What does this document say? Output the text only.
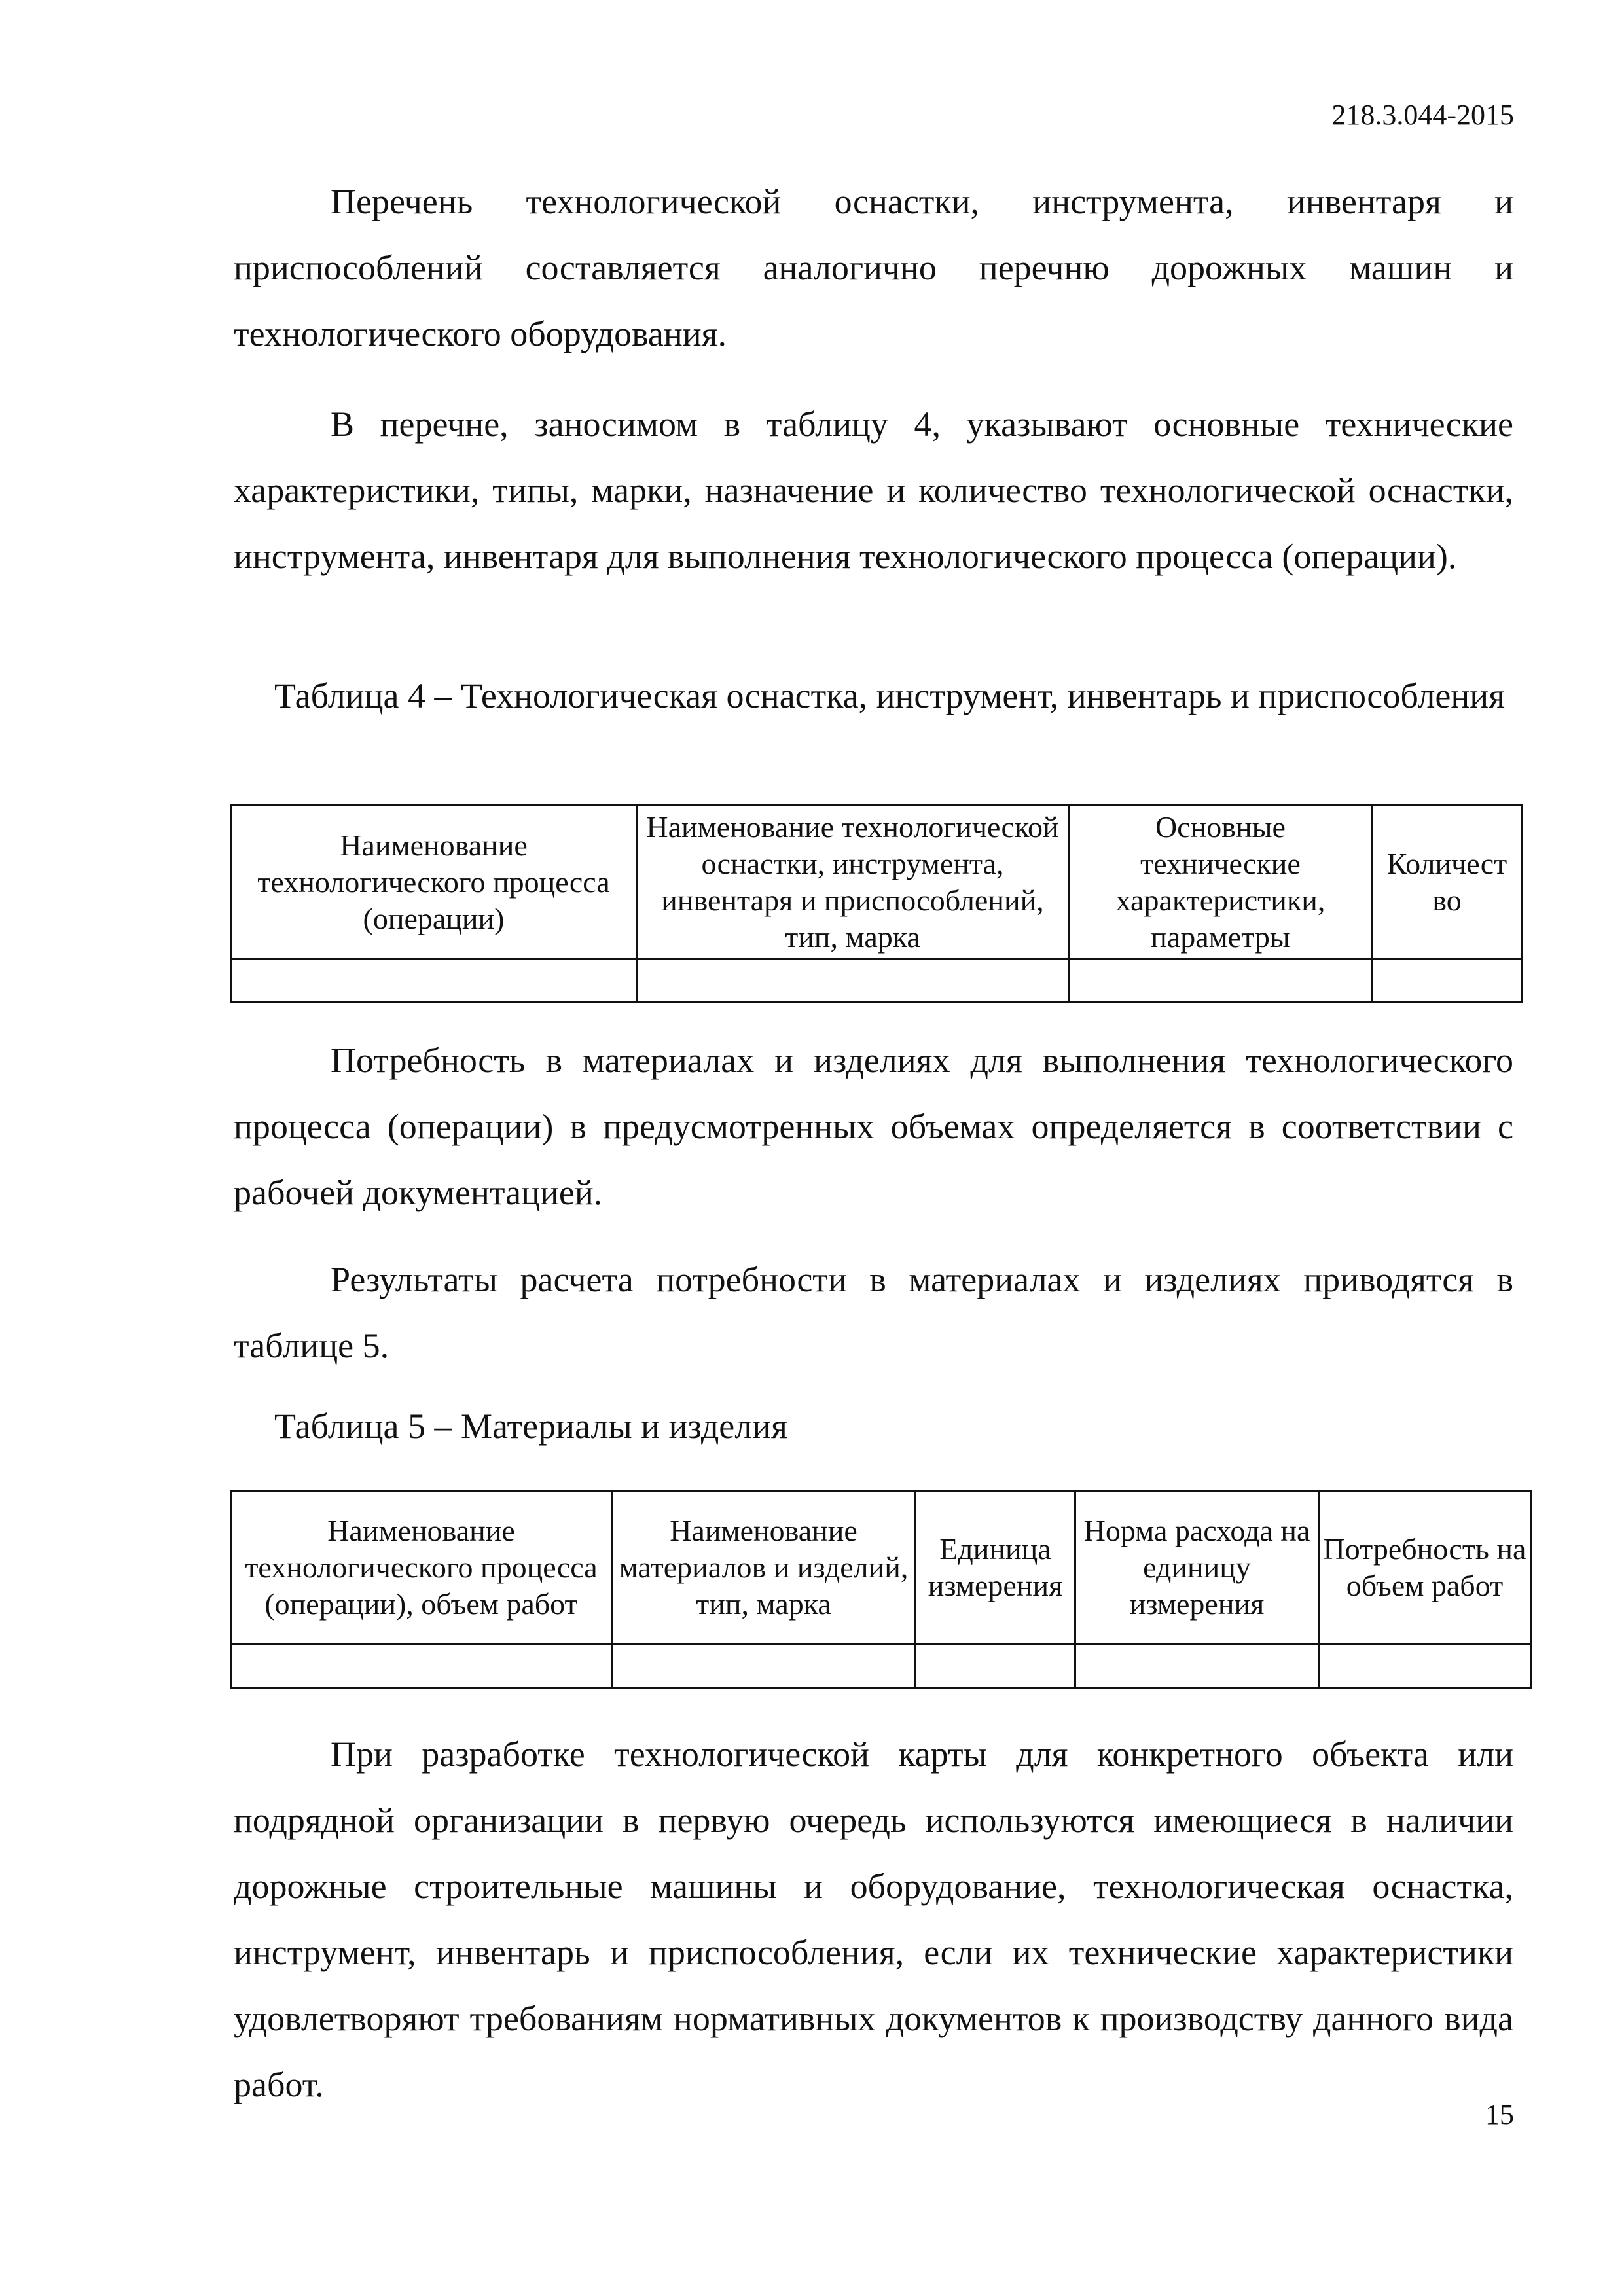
218.3.044-2015

Перечень технологической оснастки, инструмента, инвентаря и приспособлений составляется аналогично перечню дорожных машин и технологического оборудования.

В перечне, заносимом в таблицу 4, указывают основные технические характеристики, типы, марки, назначение и количество технологической оснастки, инструмента, инвентаря для выполнения технологического процесса (операции).

Таблица 4 – Технологическая оснастка, инструмент, инвентарь и приспособления

Наименование технологического процесса (операции)	Наименование технологической оснастки, инструмента, инвентаря и приспособлений, тип, марка	Основные технические характеристики, параметры	Количест во

Потребность в материалах и изделиях для выполнения технологического процесса (операции) в предусмотренных объемах определяется в соответствии с рабочей документацией.

Результаты расчета потребности в материалах и изделиях приводятся в таблице 5.

Таблица 5 – Материалы и изделия

Наименование технологического процесса (операции), объем работ	Наименование материалов и изделий, тип, марка	Единица измерения	Норма расхода на единицу измерения	Потребность на объем работ

При разработке технологической карты для конкретного объекта или подрядной организации в первую очередь используются имеющиеся в наличии дорожные строительные машины и оборудование, технологическая оснастка, инструмент, инвентарь и приспособления, если их технические характеристики удовлетворяют требованиям нормативных документов к производству данного вида работ.

15
